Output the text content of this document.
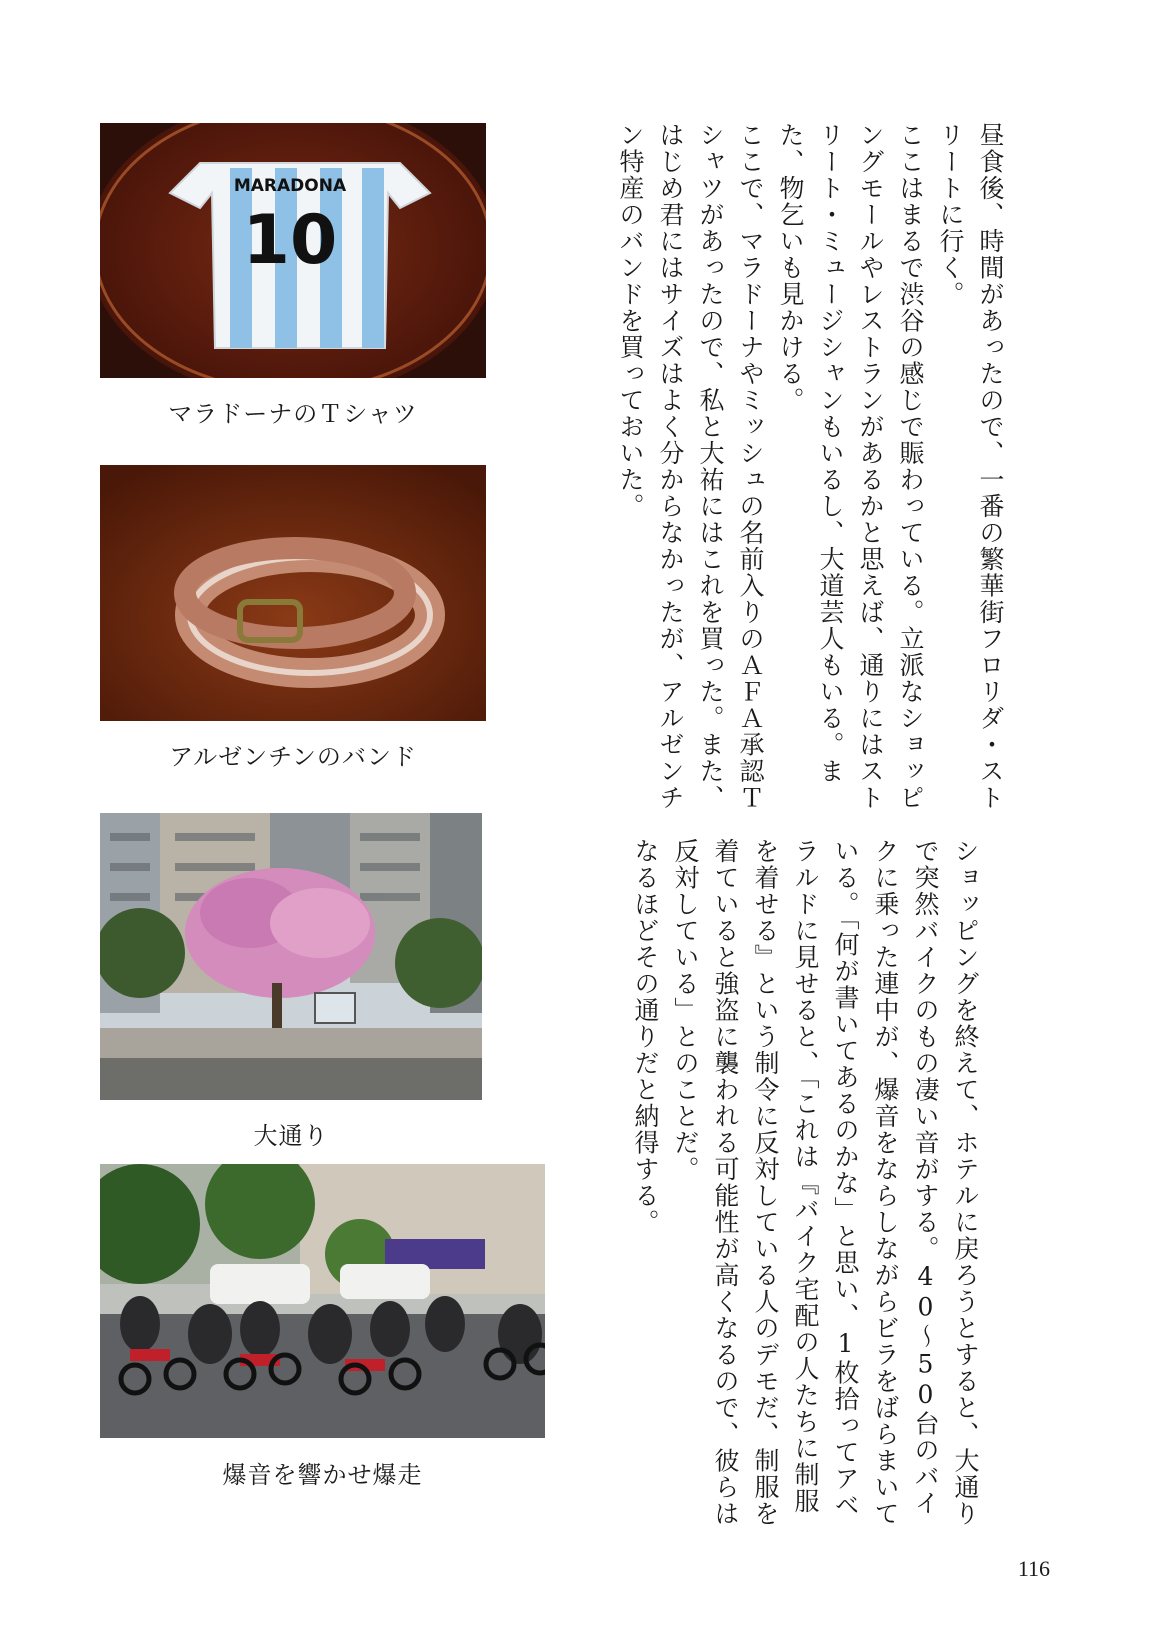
昼食後、時間があったので、一番の繁華街フロリダ・ストリートに行く。

ここはまるで渋谷の感じで賑わっている。立派なショッピングモールやレストランがあるかと思えば、通りにはストリート・ミュージシャンもいるし、大道芸人もいる。また、物乞いも見かける。

ここで、マラドーナやミッシュの名前入りのＡＦＡ承認Ｔシャツがあったので、私と大祐にはこれを買った。また、はじめ君にはサイズはよく分からなかったが、アルゼンチン特産のバンドを買っておいた。

ショッピングを終えて、ホテルに戻ろうとすると、大通りで突然バイクのもの凄い音がする。40～50台のバイクに乗った連中が、爆音をならしながらビラをばらまいている。「何が書いてあるのかな」と思い、1枚拾ってアベラルドに見せると、「これは『バイク宅配の人たちに制服を着せる』という制令に反対している人のデモだ、制服を着ていると強盗に襲われる可能性が高くなるので、彼らは反対している」とのことだ。

なるほどその通りだと納得する。

MARADONA
10
マラドーナのＴシャツ
アルゼンチンのバンド
大通り
爆音を響かせ爆走
116
